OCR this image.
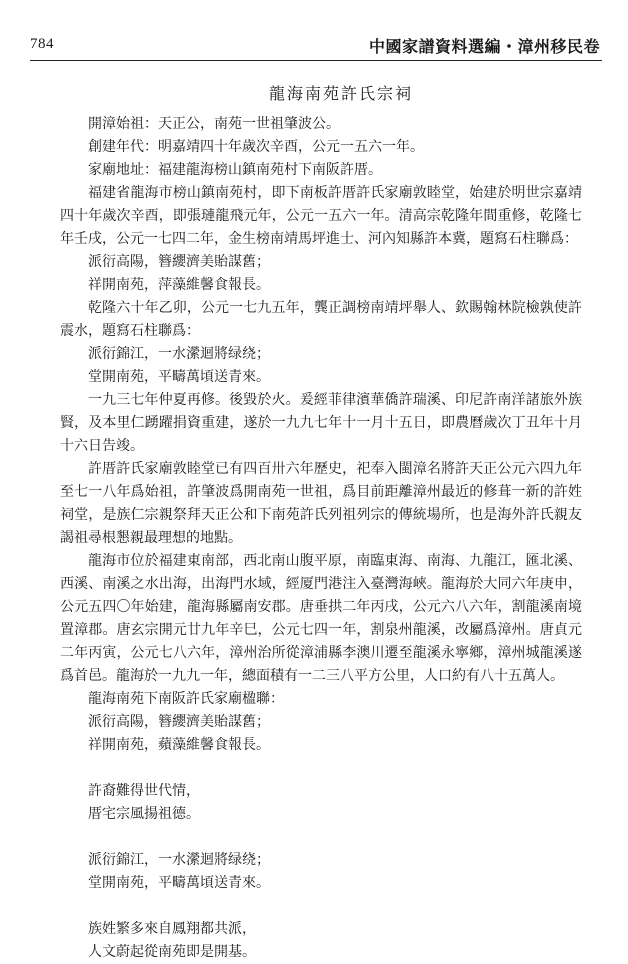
784	中國家譜資料選編・漳州移民卷

龍海南苑許氏宗祠

開漳始祖：天正公，南苑一世祖肇波公。

創建年代：明嘉靖四十年歲次辛酉，公元一五六一年。

家廟地址：福建龍海榜山鎮南苑村下南阪許厝。

福建省龍海市榜山鎮南苑村，即下南板許厝許氏家廟敦睦堂，始建於明世宗嘉靖四十年歲次辛酉，即張璉龍飛元年，公元一五六一年。清高宗乾隆年間重修，乾隆七年壬戌，公元一七四二年，金生榜南靖馬坪進士、河內知縣許本冀，題寫石柱聯爲：

派衍高陽，簪纓濟美貽謀舊；

祥開南苑，萍藻維馨食報長。

乾隆六十年乙卯，公元一七九五年，龔正調榜南靖坪舉人、欽賜翰林院檢孰使許震水，題寫石柱聯爲：

派衍錦江，一水瀠迴將绿绕；

堂開南苑，平疇萬頃送青來。

一九三七年仲夏再修。後毀於火。爰經菲律濱華僑許瑞溪、印尼許南洋諸旅外族賢，及本里仁踴躍捐資重建，遂於一九九七年十一月十五日，即農曆歲次丁丑年十月十六日告竣。

許厝許氏家廟敦睦堂已有四百卅六年歷史，祀奉入閩漳名將許天正公元六四九年至七一八年爲始祖，許肇波爲開南苑一世祖，爲目前距離漳州最近的修葺一新的許姓祠堂，是族仁宗親祭拜天正公和下南苑許氏列祖列宗的傳統場所，也是海外許氏親友謁祖尋根懇親最理想的地點。

龍海市位於福建東南部，西北南山腹平原，南臨東海、南海、九龍江，匯北溪、西溪、南溪之水出海，出海門水域，經厦門港注入臺灣海峽。龍海於大同六年庚申，公元五四〇年始建，龍海縣屬南安郡。唐垂拱二年丙戌，公元六八六年，割龍溪南境置漳郡。唐玄宗開元廿九年辛巳，公元七四一年，割泉州龍溪，改屬爲漳州。唐貞元二年丙寅，公元七八六年，漳州治所從漳浦縣李澳川遷至龍溪永寧鄉，漳州城龍溪遂爲首邑。龍海於一九九一年，總面積有一二三八平方公里，人口約有八十五萬人。

龍海南苑下南阪許氏家廟楹聯：

派衍高陽，簪纓濟美貽謀舊；

祥開南苑，蘋藻維馨食報長。

許裔難得世代情，

厝宅宗風揚祖德。

派衍錦江，一水瀠迴將绿绕；

堂開南苑，平疇萬頃送青來。

族姓繁多來自鳳翔都共派，

人文蔚起從南苑即是開基。
